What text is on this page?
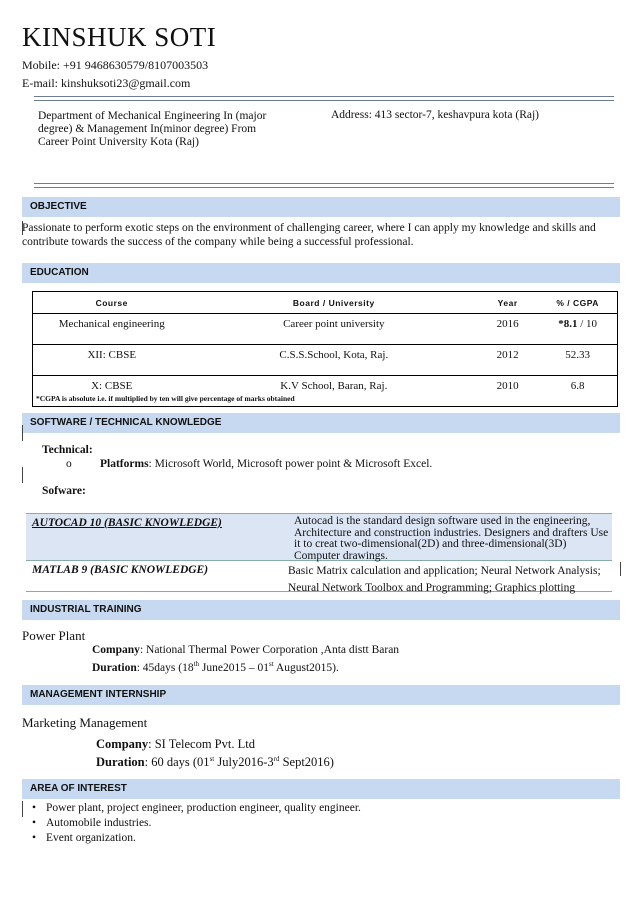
KINSHUK SOTI
Mobile: +91 9468630579/8107003503
E-mail: kinshuksoti23@gmail.com
Department of Mechanical Engineering In (major degree) & Management In(minor degree) From Career Point University Kota (Raj)
Address: 413 sector-7, keshavpura kota (Raj)
OBJECTIVE
Passionate to perform exotic steps on the environment of challenging career, where I can apply my knowledge and skills and contribute towards the success of the company while being a successful professional.
EDUCATION
Course	Board / University	Year	% / CGPA
Mechanical engineering	Career point university	2016	*8.1 / 10
XII: CBSE	C.S.S.School, Kota, Raj.	2012	52.33
X: CBSE	K.V School, Baran, Raj.	2010	6.8
*CGPA is absolute i.e. if multiplied by ten will give percentage of marks obtained
SOFTWARE / TECHNICAL KNOWLEDGE
Technical:
o Platforms: Microsoft World, Microsoft power point & Microsoft Excel.
Sofware:
AUTOCAD 10 (BASIC KNOWLEDGE)	Autocad is the standard design software used in the engineering, Architecture and construction industries. Designers and drafters Use it to creat two-dimensional(2D) and three-dimensional(3D) Computer drawings.
MATLAB 9 (BASIC KNOWLEDGE)	Basic Matrix calculation and application; Neural Network Analysis; Neural Network Toolbox and Programming; Graphics plotting
INDUSTRIAL TRAINING
Power Plant
Company: National Thermal Power Corporation ,Anta distt Baran
Duration: 45days (18th June2015 – 01st August2015).
MANAGEMENT INTERNSHIP
Marketing Management
Company: SI Telecom Pvt. Ltd
Duration: 60 days (01st July2016-3rd Sept2016)
AREA OF INTEREST
• Power plant, project engineer, production engineer, quality engineer.
• Automobile industries.
• Event organization.
